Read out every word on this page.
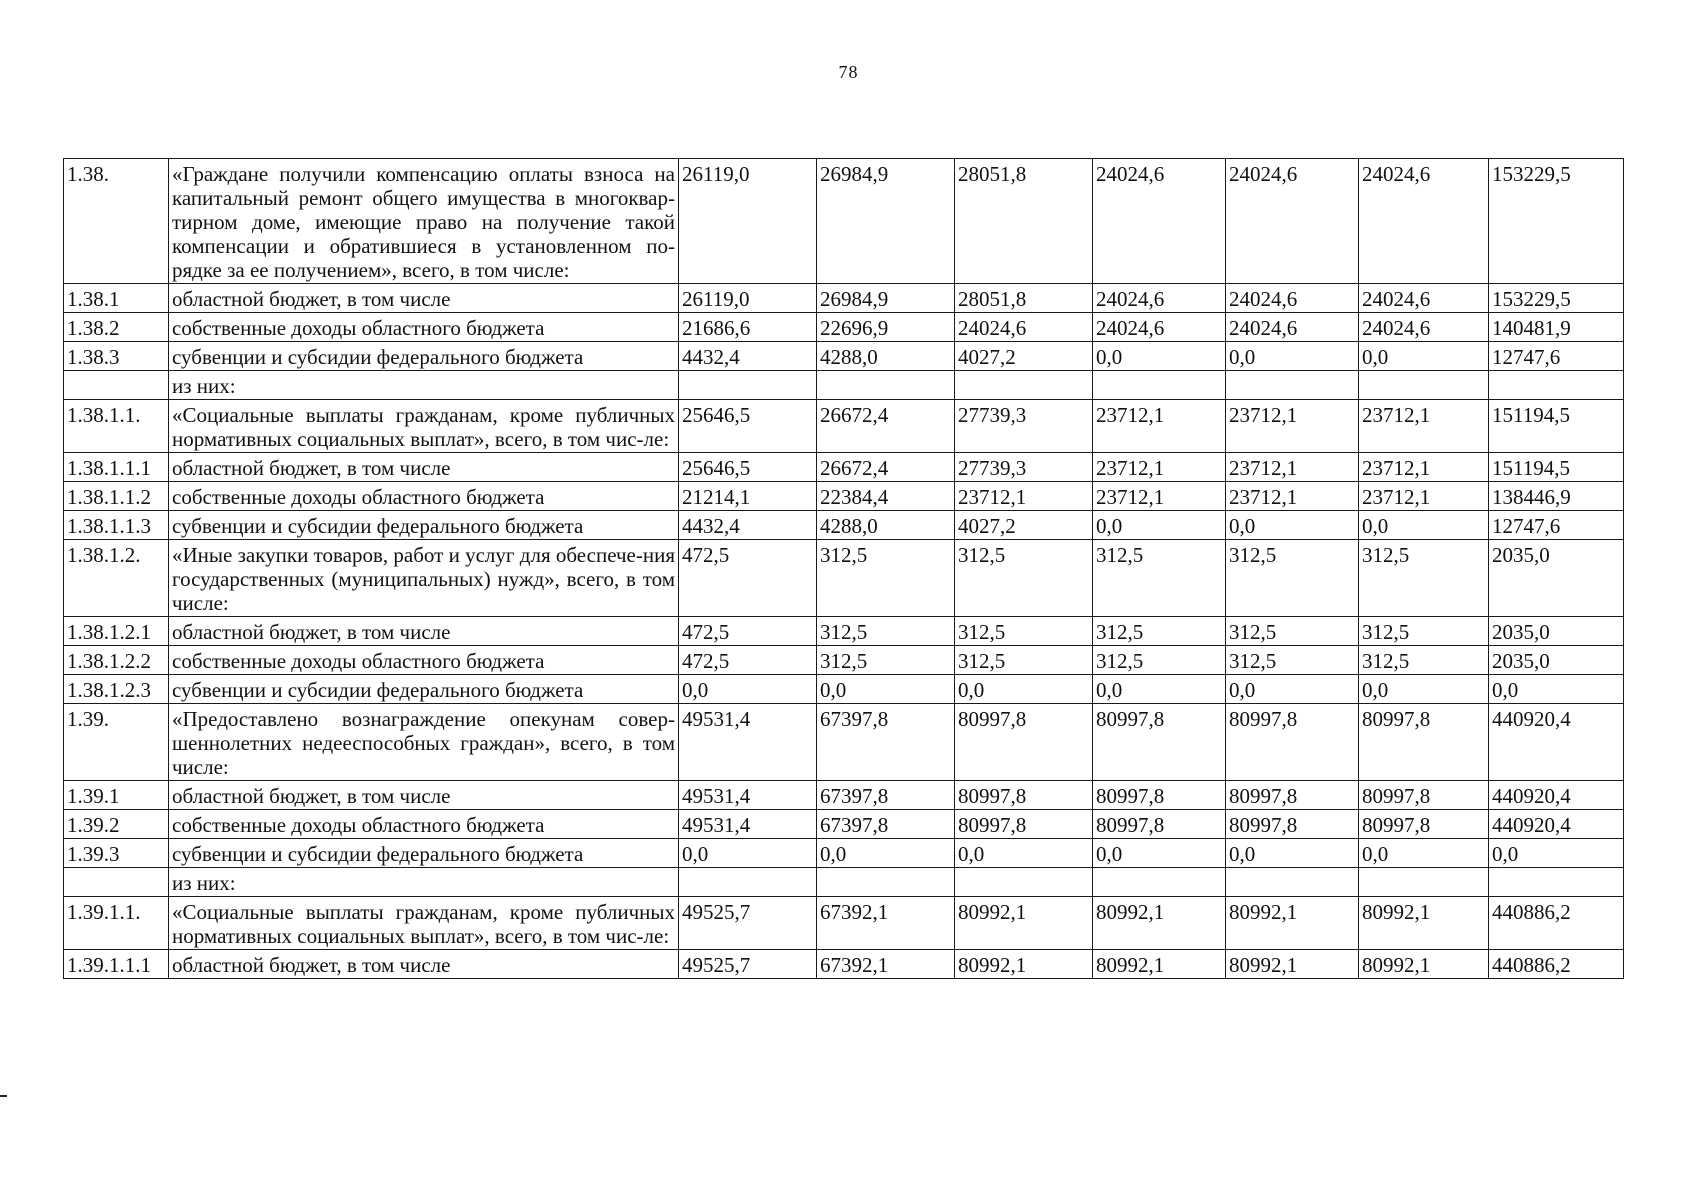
78
1.38.	«Граждане получили компенсацию оплаты взноса на капитальный ремонт общего имущества в многоквар-тирном доме, имеющие право на получение такой компенсации и обратившиеся в установленном по-рядке за ее получением», всего, в том числе:	26119,0	26984,9	28051,8	24024,6	24024,6	24024,6	153229,5
1.38.1	областной бюджет, в том числе	26119,0	26984,9	28051,8	24024,6	24024,6	24024,6	153229,5
1.38.2	собственные доходы областного бюджета	21686,6	22696,9	24024,6	24024,6	24024,6	24024,6	140481,9
1.38.3	субвенции и субсидии федерального бюджета	4432,4	4288,0	4027,2	0,0	0,0	0,0	12747,6
	из них:							
1.38.1.1.	«Социальные выплаты гражданам, кроме публичных нормативных социальных выплат», всего, в том чис-ле:	25646,5	26672,4	27739,3	23712,1	23712,1	23712,1	151194,5
1.38.1.1.1	областной бюджет, в том числе	25646,5	26672,4	27739,3	23712,1	23712,1	23712,1	151194,5
1.38.1.1.2	собственные доходы областного бюджета	21214,1	22384,4	23712,1	23712,1	23712,1	23712,1	138446,9
1.38.1.1.3	субвенции и субсидии федерального бюджета	4432,4	4288,0	4027,2	0,0	0,0	0,0	12747,6
1.38.1.2.	«Иные закупки товаров, работ и услуг для обеспече-ния государственных (муниципальных) нужд», всего, в том числе:	472,5	312,5	312,5	312,5	312,5	312,5	2035,0
1.38.1.2.1	областной бюджет, в том числе	472,5	312,5	312,5	312,5	312,5	312,5	2035,0
1.38.1.2.2	собственные доходы областного бюджета	472,5	312,5	312,5	312,5	312,5	312,5	2035,0
1.38.1.2.3	субвенции и субсидии федерального бюджета	0,0	0,0	0,0	0,0	0,0	0,0	0,0
1.39.	«Предоставлено вознаграждение опекунам совер-шеннолетних недееспособных граждан», всего, в том числе:	49531,4	67397,8	80997,8	80997,8	80997,8	80997,8	440920,4
1.39.1	областной бюджет, в том числе	49531,4	67397,8	80997,8	80997,8	80997,8	80997,8	440920,4
1.39.2	собственные доходы областного бюджета	49531,4	67397,8	80997,8	80997,8	80997,8	80997,8	440920,4
1.39.3	субвенции и субсидии федерального бюджета	0,0	0,0	0,0	0,0	0,0	0,0	0,0
	из них:							
1.39.1.1.	«Социальные выплаты гражданам, кроме публичных нормативных социальных выплат», всего, в том чис-ле:	49525,7	67392,1	80992,1	80992,1	80992,1	80992,1	440886,2
1.39.1.1.1	областной бюджет, в том числе	49525,7	67392,1	80992,1	80992,1	80992,1	80992,1	440886,2
